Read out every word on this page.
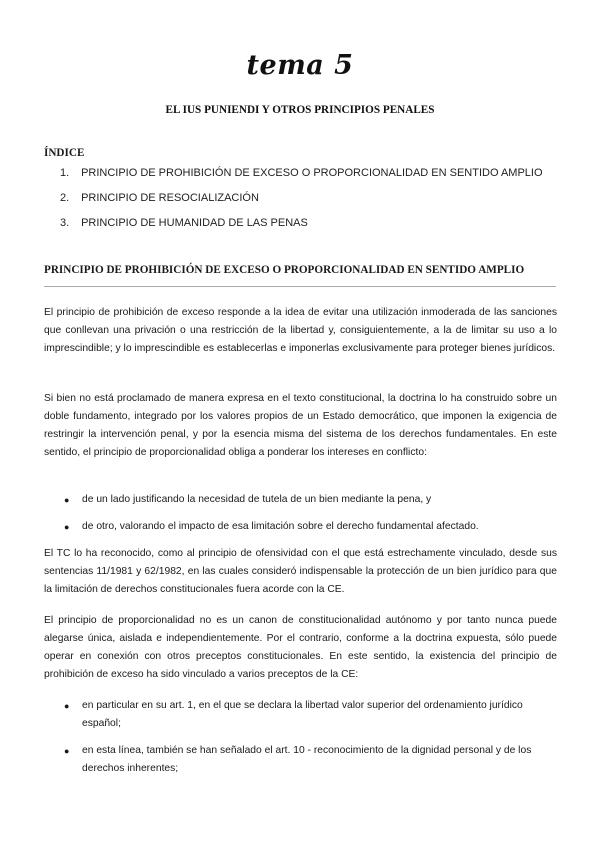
tema 5
EL IUS PUNIENDI Y OTROS PRINCIPIOS PENALES
ÍNDICE
1. PRINCIPIO DE PROHIBICIÓN DE EXCESO O PROPORCIONALIDAD EN SENTIDO AMPLIO
2. PRINCIPIO DE RESOCIALIZACIÓN
3. PRINCIPIO DE HUMANIDAD DE LAS PENAS
PRINCIPIO DE PROHIBICIÓN DE EXCESO O PROPORCIONALIDAD EN SENTIDO AMPLIO
El principio de prohibición de exceso responde a la idea de evitar una utilización inmoderada de las sanciones que conllevan una privación o una restricción de la libertad y, consiguientemente, a la de limitar su uso a lo imprescindible; y lo imprescindible es establecerlas e imponerlas exclusivamente para proteger bienes jurídicos.
Si bien no está proclamado de manera expresa en el texto constitucional, la doctrina lo ha construido sobre un doble fundamento, integrado por los valores propios de un Estado democrático, que imponen la exigencia de restringir la intervención penal, y por la esencia misma del sistema de los derechos fundamentales. En este sentido, el principio de proporcionalidad obliga a ponderar los intereses en conflicto:
● de un lado justificando la necesidad de tutela de un bien mediante la pena, y
● de otro, valorando el impacto de esa limitación sobre el derecho fundamental afectado.
El TC lo ha reconocido, como al principio de ofensividad con el que está estrechamente vinculado, desde sus sentencias 11/1981 y 62/1982, en las cuales consideró indispensable la protección de un bien jurídico para que la limitación de derechos constitucionales fuera acorde con la CE.
El principio de proporcionalidad no es un canon de constitucionalidad autónomo y por tanto nunca puede alegarse única, aislada e independientemente. Por el contrario, conforme a la doctrina expuesta, sólo puede operar en conexión con otros preceptos constitucionales. En este sentido, la existencia del principio de prohibición de exceso ha sido vinculado a varios preceptos de la CE:
● en particular en su art. 1, en el que se declara la libertad valor superior del ordenamiento jurídico español;
● en esta línea, también se han señalado el art. 10 - reconocimiento de la dignidad personal y de los derechos inherentes;
